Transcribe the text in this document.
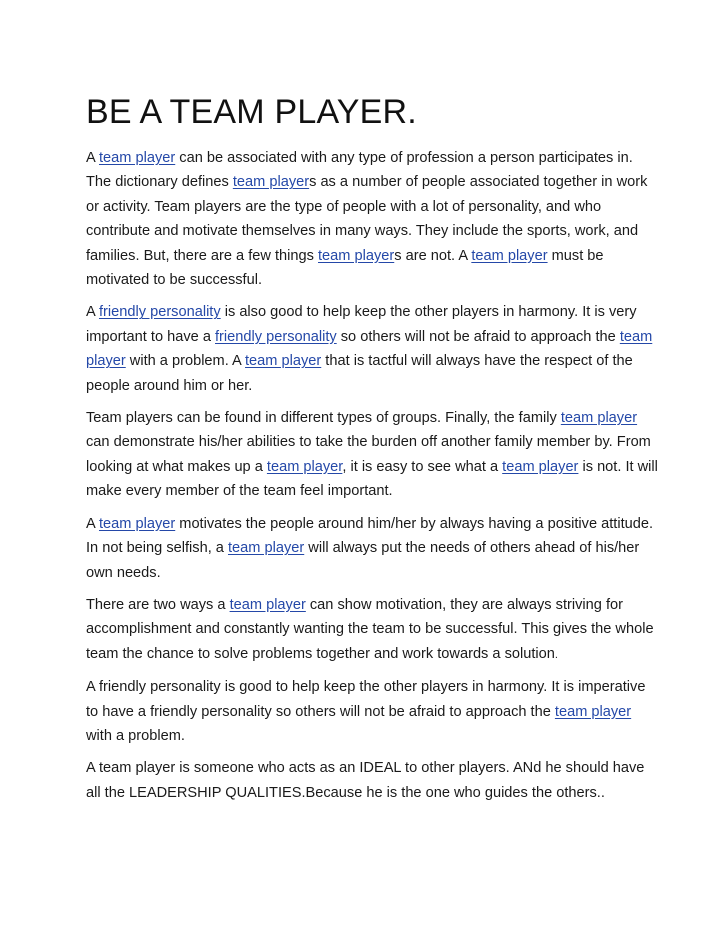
BE A TEAM PLAYER.

A team player can be associated with any type of profession a person participates in. The dictionary defines team players as a number of people associated together in work or activity. Team players are the type of people with a lot of personality, and who contribute and motivate themselves in many ways. They include the sports, work, and families. But, there are a few things team players are not. A team player must be motivated to be successful.

A friendly personality is also good to help keep the other players in harmony. It is very important to have a friendly personality so others will not be afraid to approach the team player with a problem. A team player that is tactful will always have the respect of the people around him or her.

Team players can be found in different types of groups. Finally, the family team player can demonstrate his/her abilities to take the burden off another family member by. From looking at what makes up a team player, it is easy to see what a team player is not. It will make every member of the team feel important.

A team player motivates the people around him/her by always having a positive attitude. In not being selfish, a team player will always put the needs of others ahead of his/her own needs.

There are two ways a team player can show motivation, they are always striving for accomplishment and constantly wanting the team to be successful. This gives the whole team the chance to solve problems together and work towards a solution.

A friendly personality is good to help keep the other players in harmony. It is imperative to have a friendly personality so others will not be afraid to approach the team player with a problem.

A team player is someone who acts as an IDEAL to other players. ANd he should have all the LEADERSHIP QUALITIES.Because he is the one who guides the others..
